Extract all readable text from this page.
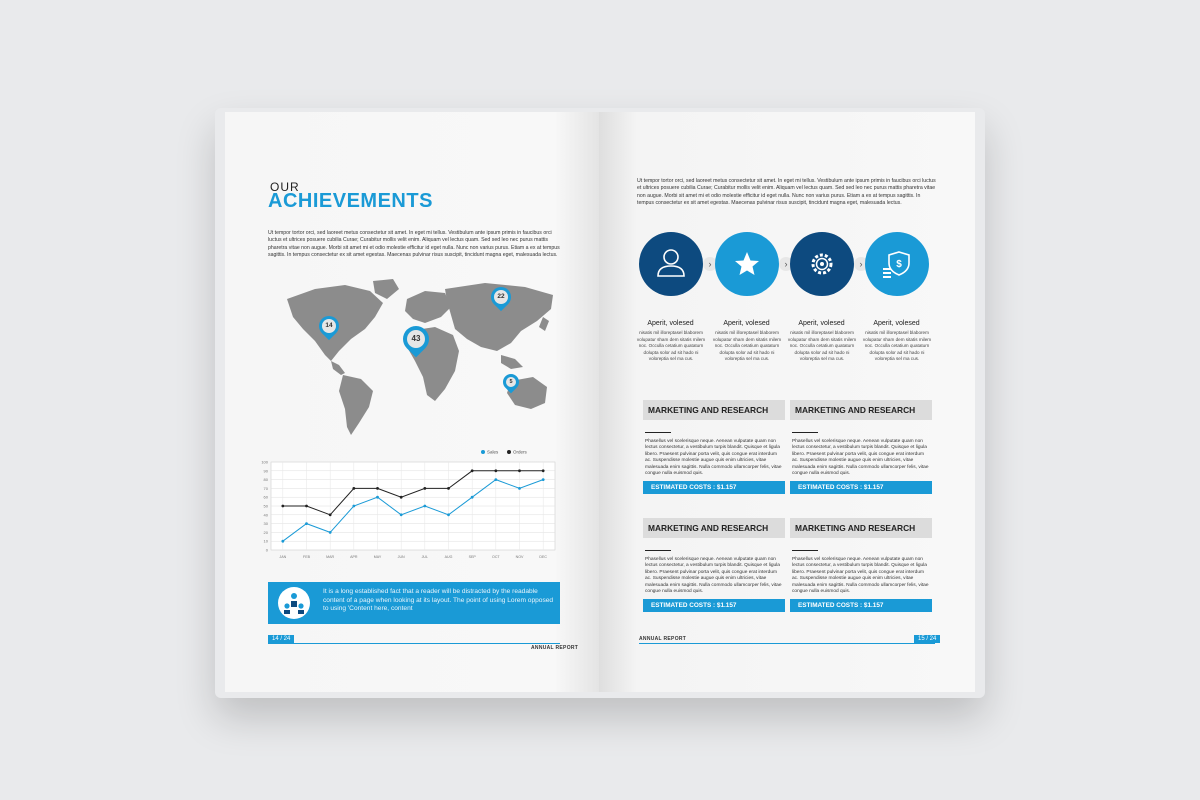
OUR
ACHIEVEMENTS
Ut tempor tortor orci, sed laoreet metus consectetur sit amet. In eget mi tellus. Vestibulum ante ipsum primis in faucibus orci luctus et ultrices posuere cubilia Curae; Curabitur mollis velit enim. Aliquam vel lectus quam. Sed sed leo nec purus mattis pharetra vitae non augue. Morbi sit amet mi et odio molestie efficitur id eget nulla. Nunc non varius purus. Etiam a ex at tempus sagittis. In tempus consectetur ex sit amet egestas. Maecenas pulvinar risus suscipit, tincidunt magna eget, malesuada lectus.
14
22
43
5
0
10
20
30
40
50
60
70
80
90
100
JAN	FEB	MAR	APR	MAY	JUN	JUL	AUG	SEP	OCT	NOV	DEC
Sales	Orders
It is a long established fact that a reader will be distracted by the readable content of a page when looking at its layout. The point of using Lorem opposed to using 'Content here, content
14 / 24
ANNUAL REPORT
Ut tempor tortor orci, sed laoreet metus consectetur sit amet. In eget mi tellus. Vestibulum ante ipsum primis in faucibus orci luctus et ultrices posuere cubilia Curae; Curabitur mollis velit enim. Aliquam vel lectus quam. Sed sed leo nec purus mattis pharetra vitae non augue. Morbi sit amet mi et odio molestie efficitur id eget nulla. Nunc non varius purus. Etiam a ex at tempus sagittis. In tempus consectetur ex sit amet egestas. Maecenas pulvinar risus suscipit, tincidunt magna eget, malesuada lectus.
›	›	›	$
Aperit, volesed
nisatis mil illoreptasel blaborem volupatur sham dem sitatis milem noc. Occulla cetatium quataturn dolupta solor ad sit hado ni voloreptia sel ma cus.
Aperit, volesed
nisatis mil illoreptasel blaborem volupatur sham dem sitatis milem noc. Occulla cetatium quataturn dolupta solor ad sit hado ni voloreptia sel ma cus.
Aperit, volesed
nisatis mil illoreptasel blaborem volupatur sham dem sitatis milem noc. Occulla cetatium quataturn dolupta solor ad sit hado ni voloreptia sel ma cus.
Aperit, volesed
nisatis mil illoreptasel blaborem volupatur sham dem sitatis milem noc. Occulla cetatium quataturn dolupta solor ad sit hado ni voloreptia sel ma cus.
MARKETING AND RESEARCH
Phasellus vel scelerisque neque. Aenean vulputate quam non lectus consectetur, a vestibulum turpis blandit. Quisque et ligula libero. Praesent pulvinar porta velit, quis congue erat interdum ac. Suspendisse molestie augue quis enim ultricies, vitae malesuada enim sagittis. Nulla commodo ullamcorper felis, vitae congue nulla euismod quis.
ESTIMATED COSTS : $1.157
MARKETING AND RESEARCH
Phasellus vel scelerisque neque. Aenean vulputate quam non lectus consectetur, a vestibulum turpis blandit. Quisque et ligula libero. Praesent pulvinar porta velit, quis congue erat interdum ac. Suspendisse molestie augue quis enim ultricies, vitae malesuada enim sagittis. Nulla commodo ullamcorper felis, vitae congue nulla euismod quis.
ESTIMATED COSTS : $1.157
MARKETING AND RESEARCH
Phasellus vel scelerisque neque. Aenean vulputate quam non lectus consectetur, a vestibulum turpis blandit. Quisque et ligula libero. Praesent pulvinar porta velit, quis congue erat interdum ac. Suspendisse molestie augue quis enim ultricies, vitae malesuada enim sagittis. Nulla commodo ullamcorper felis, vitae congue nulla euismod quis.
ESTIMATED COSTS : $1.157
MARKETING AND RESEARCH
Phasellus vel scelerisque neque. Aenean vulputate quam non lectus consectetur, a vestibulum turpis blandit. Quisque et ligula libero. Praesent pulvinar porta velit, quis congue erat interdum ac. Suspendisse molestie augue quis enim ultricies, vitae malesuada enim sagittis. Nulla commodo ullamcorper felis, vitae congue nulla euismod quis.
ESTIMATED COSTS : $1.157
ANNUAL REPORT	15 / 24
